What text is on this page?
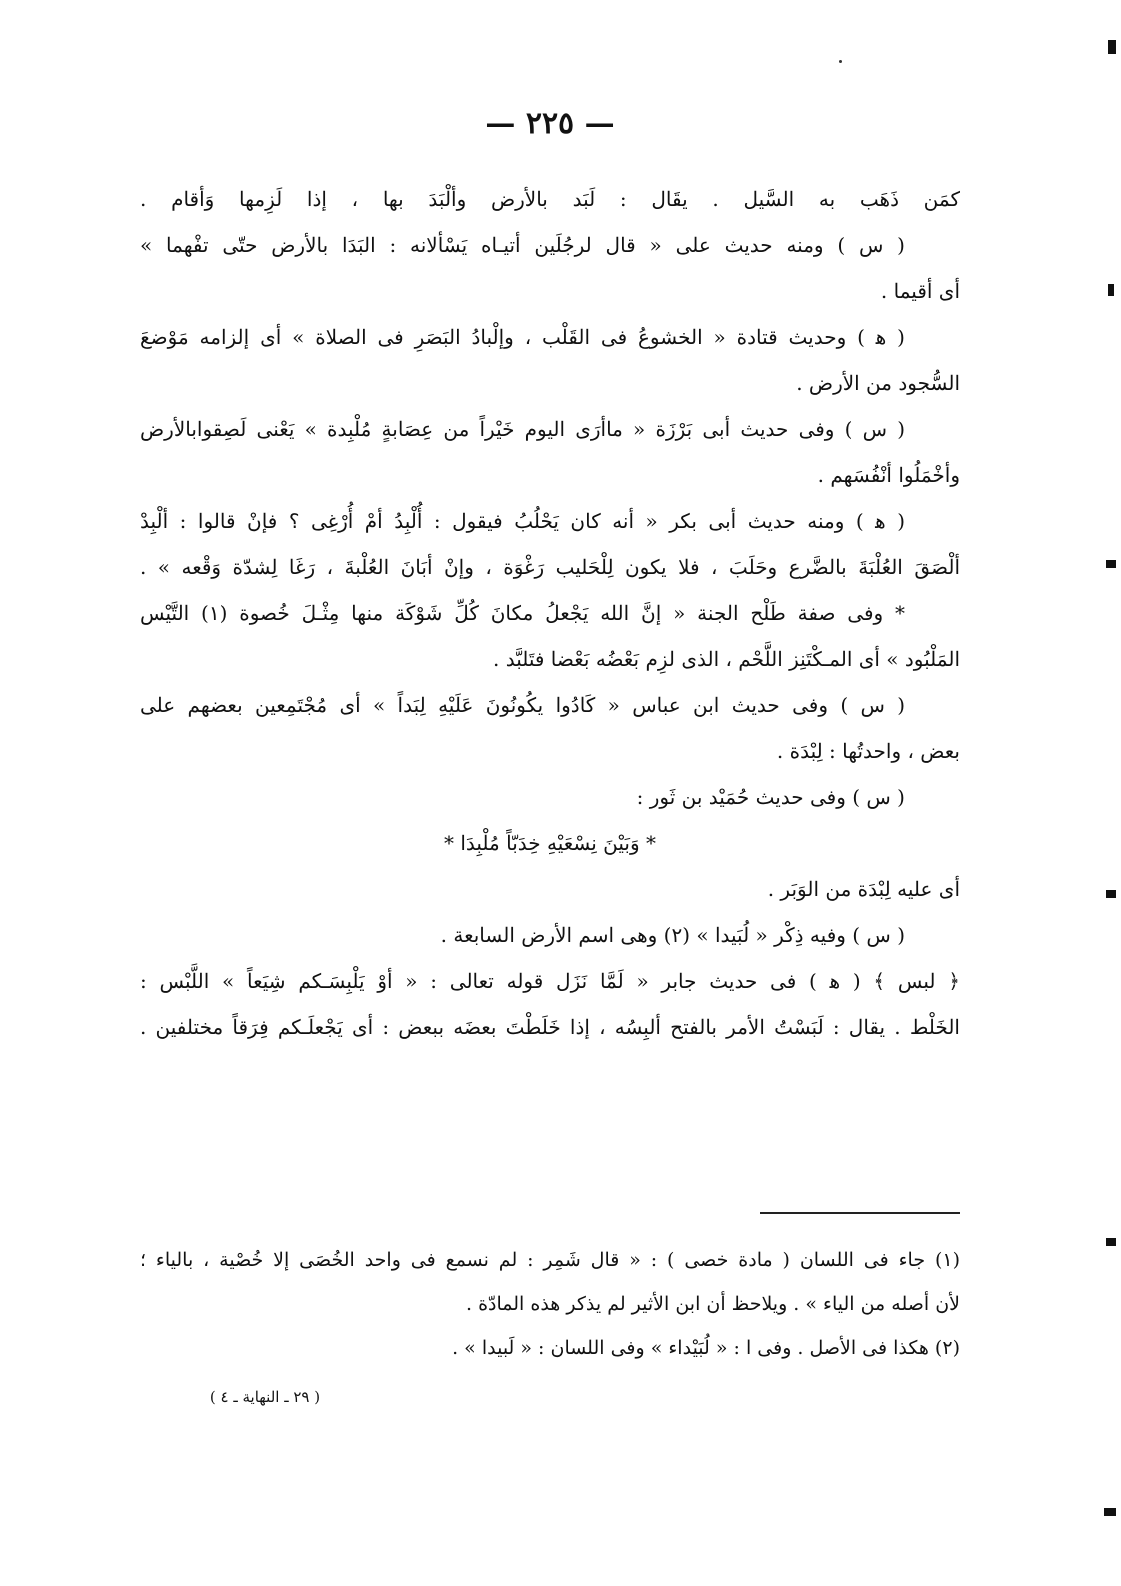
— ٢٢٥ —
كمَن ذَهَب به السَّيل . يقَال : لَبَد بالأرض وألْبَدَ بها ، إذا لَزِمها وَأقام .
( س ) ومنه حديث على « قال لرجُلَين أتيـاه يَسْألانه : البَدَا بالأرض حتّى تفْهما »
أى أقيما .
( ﻫ ) وحديث قتادة « الخشوعُ فى القَلْب ، وإلْبادُ البَصَرِ فى الصلاة » أى إلزامه مَوْضعَ
السُّجود من الأرض .
( س ) وفى حديث أبى بَرْزَة « ماأرَى اليوم خَيْراً من عِصَابةٍ مُلْبِدة » يَعْنى لَصِقوابالأرض
وأخْمَلُوا أنْفُسَهم .
( ﻫ ) ومنه حديث أبى بكر « أنه كان يَحْلُبُ فيقول : أُلْبِدُ أمْ أُرْغِى ؟ فإنْ قالوا : ألْبِدْ
ألْصَقَ العُلْبَةَ بالضَّرع وحَلَبَ ، فلا يكون لِلْحَليب رَغْوَة ، وإنْ أبَانَ العُلْبةَ ، رَغَا لِشدّة وَقْعه » .
* وفى صفة طَلْح الجنة « إنَّ الله يَجْعلُ مكانَ كُلِّ شَوْكَة منها مِثْـلَ خُصوة (١) التَّيْس
المَلْبُود » أى المـكْتَنِز اللَّحْم ، الذى لزِم بَعْضُه بَعْضا فتَلبَّد .
( س ) وفى حديث ابن عباس « كَادُوا يكُونُونَ عَلَيْهِ لِبَداً » أى مُجْتَمِعين بعضهم على
بعض ، واحدتُها : لِبْدَة .
( س ) وفى حديث حُمَيْد بن ثَور :
* وَبَيْنَ نِسْعَيْهِ خِدَبّاً مُلْبِدَا *
أى عليه لِبْدَة من الوَبَر .
( س ) وفيه ذِكْر « لُبَيدا » (٢) وهى اسم الأرض السابعة .
﴿ لبس ﴾ ( ﻫ ) فى حديث جابر « لَمَّا نَزَل قوله تعالى : « أوْ يَلْبِسَـكم شِيَعاً » اللَّبْس :
الخَلْط . يقال : لَبَسْتُ الأمر بالفتح ألبِسُه ، إذا خَلَطْتَ بعضَه ببعض : أى يَجْعلَـكم فِرَقاً مختلفين .
(١) جاء فى اللسان ( مادة خصى ) : « قال شَمِر : لم نسمع فى واحد الخُصَى إلا خُصْية ، بالياء ؛
لأن أصله من الياء » . ويلاحظ أن ابن الأثير لم يذكر هذه المادّة .
(٢) هكذا فى الأصل . وفى ا : « لُبَيْداء » وفى اللسان : « لَبيدا » .
( ٢٩ ـ النهاية ـ ٤ )
